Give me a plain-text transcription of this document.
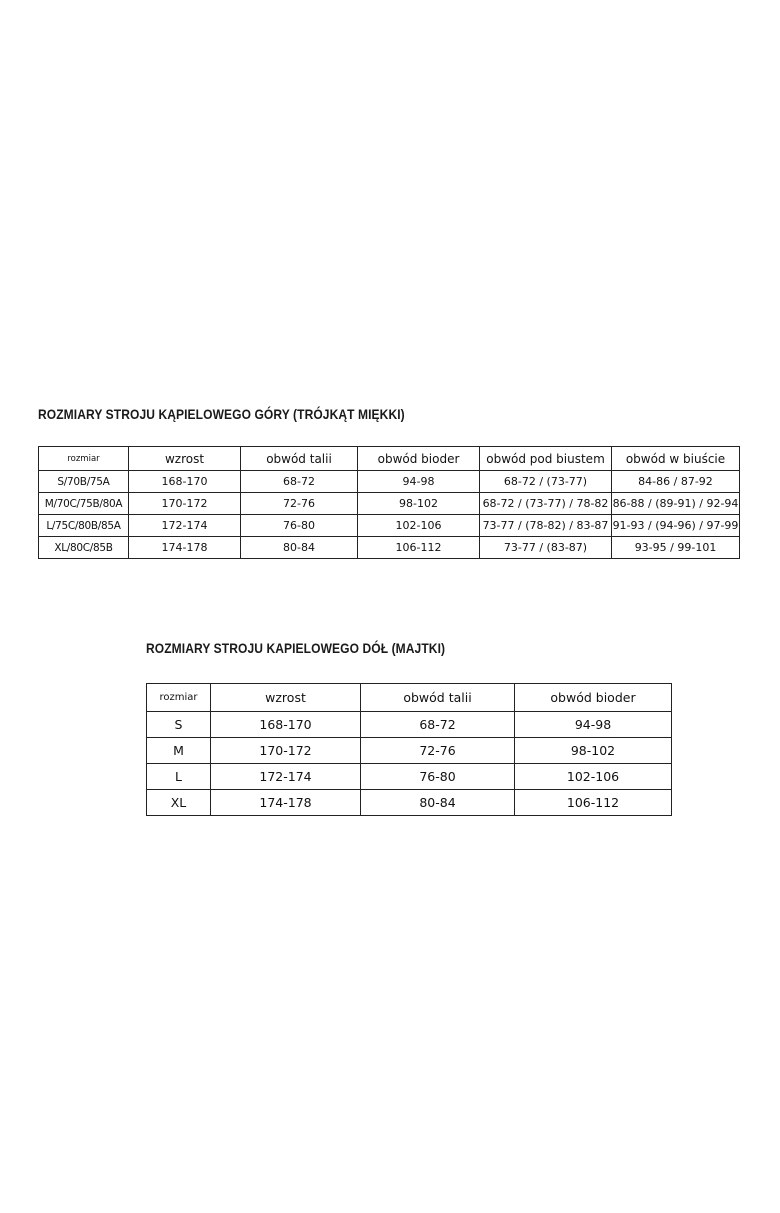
ROZMIARY STROJU KĄPIELOWEGO GÓRY (TRÓJKĄT MIĘKKI)
rozmiar	wzrost	obwód talii	obwód bioder	obwód pod biustem	obwód w biuście
S/70B/75A	168-170	68-72	94-98	68-72 / (73-77)	84-86 / 87-92
M/70C/75B/80A	170-172	72-76	98-102	68-72 / (73-77) / 78-82	86-88 / (89-91) / 92-94
L/75C/80B/85A	172-174	76-80	102-106	73-77 / (78-82) / 83-87	91-93 / (94-96) / 97-99
XL/80C/85B	174-178	80-84	106-112	73-77 / (83-87)	93-95 / 99-101
ROZMIARY STROJU KAPIELOWEGO DÓŁ (MAJTKI)
rozmiar	wzrost	obwód talii	obwód bioder
S	168-170	68-72	94-98
M	170-172	72-76	98-102
L	172-174	76-80	102-106
XL	174-178	80-84	106-112
